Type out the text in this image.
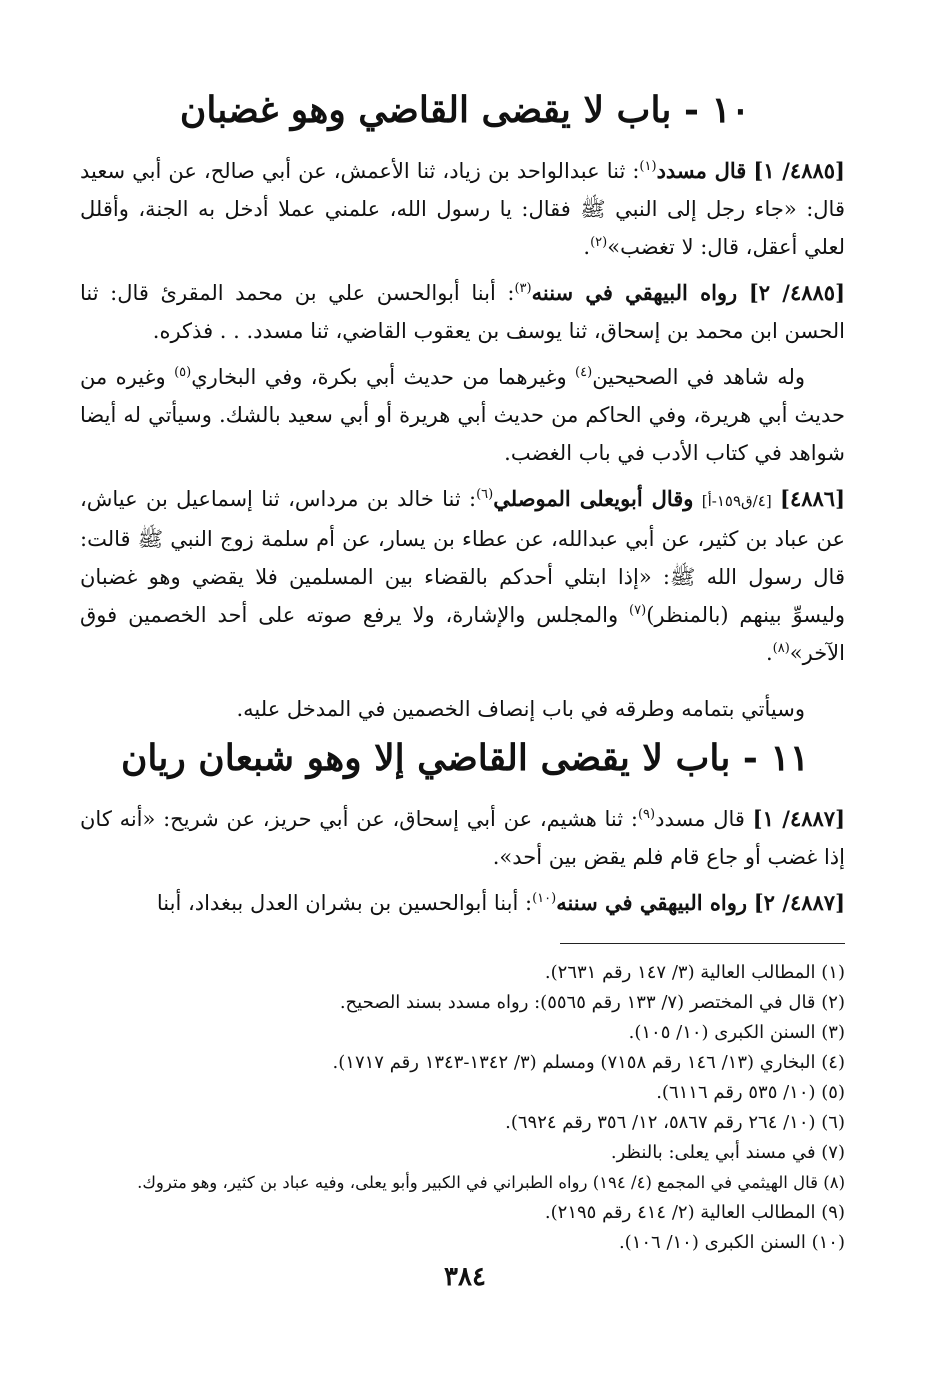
١٠ - باب لا يقضى القاضي وهو غضبان

[٤٨٨٥/ ١] قال مسدد$^{(١)}$: ثنا عبدالواحد بن زياد، ثنا الأعمش، عن أبي صالح، عن أبي سعيد قال: «جاء رجل إلى النبي ﷺ فقال: يا رسول الله، علمني عملا أدخل به الجنة، وأقلل لعلي أعقل، قال: لا تغضب»$^{(٢)}$.

[٤٨٨٥/ ٢] رواه البيهقي في سننه$^{(٣)}$: أبنا أبوالحسن علي بن محمد المقرئ قال: ثنا الحسن ابن محمد بن إسحاق، ثنا يوسف بن يعقوب القاضي، ثنا مسدد. . . فذكره.

وله شاهد في الصحيحين$^{(٤)}$ وغيرهما من حديث أبي بكرة، وفي البخاري$^{(٥)}$ وغيره من حديث أبي هريرة، وفي الحاكم من حديث أبي هريرة أو أبي سعيد بالشك. وسيأتي له أيضا شواهد في كتاب الأدب في باب الغضب.

[٤٨٨٦] [٤/ق١٥٩-أ] وقال أبويعلى الموصلي$^{(٦)}$: ثنا خالد بن مرداس، ثنا إسماعيل بن عياش، عن عباد بن كثير، عن أبي عبدالله، عن عطاء بن يسار، عن أم سلمة زوج النبي ﷺ قالت: قال رسول الله ﷺ: «إذا ابتلي أحدكم بالقضاء بين المسلمين فلا يقضي وهو غضبان وليسوِّ بينهم (بالمنظر)$^{(٧)}$ والمجلس والإشارة، ولا يرفع صوته على أحد الخصمين فوق الآخر»$^{(٨)}$.

وسيأتي بتمامه وطرقه في باب إنصاف الخصمين في المدخل عليه.

١١ - باب لا يقضى القاضي إلا وهو شبعان ريان

[٤٨٨٧/ ١] قال مسدد$^{(٩)}$: ثنا هشيم، عن أبي إسحاق، عن أبي حريز، عن شريح: «أنه كان إذا غضب أو جاع قام فلم يقض بين أحد».

[٤٨٨٧/ ٢] رواه البيهقي في سننه$^{(١٠)}$: أبنا أبوالحسين بن بشران العدل ببغداد، أبنا

(١) المطالب العالية (٣/ ١٤٧ رقم ٢٦٣١).
(٢) قال في المختصر (٧/ ١٣٣ رقم ٥٥٦٥): رواه مسدد بسند الصحيح.
(٣) السنن الكبرى (١٠/ ١٠٥).
(٤) البخاري (١٣/ ١٤٦ رقم ٧١٥٨) ومسلم (٣/ ١٣٤٢-١٣٤٣ رقم ١٧١٧).
(٥) (١٠/ ٥٣٥ رقم ٦١١٦).
(٦) (١٠/ ٢٦٤ رقم ٥٨٦٧، ١٢/ ٣٥٦ رقم ٦٩٢٤).
(٧) في مسند أبي يعلى: بالنظر.
(٨) قال الهيثمي في المجمع (٤/ ١٩٤) رواه الطبراني في الكبير وأبو يعلى، وفيه عباد بن كثير، وهو متروك.
(٩) المطالب العالية (٢/ ٤١٤ رقم ٢١٩٥).
(١٠) السنن الكبرى (١٠/ ١٠٦).
٣٨٤
